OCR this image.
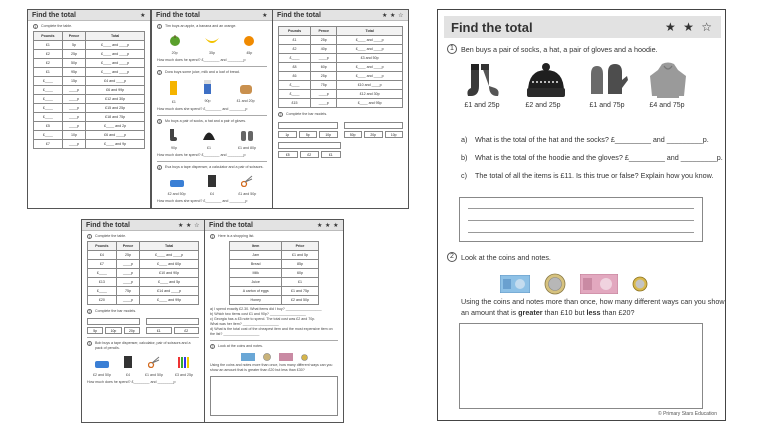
Find the total	★
1	Complete the table.
Pounds	Pence	Total
£1	5p	£____ and ____p
£2	25p	£____ and ____p
£2	50p	£____ and ____p
£1	95p	£____ and ____p
£____	15p	£4 and ____p
£____	____p	£6 and 99p
£____	____p	£12 and 30p
£____	____p	£15 and 25p
£____	____p	£18 and 75p
£5	____p	£____ and 2p
£____	10p	£6 and ____p
£7	____p	£____ and 9p
Find the total	★
1	Tim buys an apple, a banana and an orange.
20p	35p	45p
How much does he spend? £________ and ________p
2	Dora buys some juice, milk and a loaf of bread.
£1	90p	£1 and 20p
How much does she spend? £________ and ________p
3	Mo buys a pair of socks, a hat and a pair of gloves.
90p	£1	£1 and 80p
How much does he spend? £________ and ________p
4	Eva buys a tape dispenser, a calculator and a pair of scissors.
£2 and 50p	£4	£1 and 50p
How much does she spend? £________ and ________p
Find the total	★ ★ ☆
Pounds	Pence	Total
£1	25p	£____ and ____p
£2	40p	£____ and ____p
£____	____p	£3 and 50p
£8	60p	£____ and ____p
£6	25p	£____ and ____p
£____	75p	£10 and ____p
£____	____p	£12 and 30p
£15	____p	£____ and 95p
2	Complete the bar models.
1p	5p	10p	50p	20p	10p
£5	£2	£1
Find the total	★ ★ ☆
1	Complete the table.
Pounds	Pence	Total
£4	25p	£____ and ____p
£7	____p	£____ and 60p
£____	____p	£10 and 90p
£13	____p	£____ and 5p
£____	75p	£14 and ____p
£20	____p	£____ and 99p
2	Complete the bar models.
5p	10p	20p	£1	£2
3	Bob buys a tape dispenser, calculator, pair of scissors and a pack of pencils.
£2 and 50p	£4	£1 and 50p	£3 and 25p
How much does he spend? £________ and ________p
Find the total	★ ★ ★
1	Here is a shopping list.
Item	Price
Jam	£1 and 5p
Bread	85p
Milk	60p
Juice	£1
A carton of eggs	£1 and 75p
Honey	£2 and 50p
a) I spend exactly £2.30. What items did I buy? __________________
b) Which two items cost £1 and 90p? __________________
c) Georgia has a £5 note to spend. The total cost was £2 and 70p.
What was her item? __________________
d) What is the total cost of the cheapest item and the most expensive item on
the list? __________________
2	Look at the coins and notes.
Using the coins and notes more than once, how many different ways can you show an amount that is greater than £20 but less than £30?
Find the total	★ ★ ☆
1 Ben buys a pair of socks, a hat, a pair of gloves and a hoodie.
£1 and 25p	£2 and 25p	£1 and 75p	£4 and 75p
a) What is the total of the hat and the socks? £_________ and _________p.
b) What is the total of the hoodie and the gloves? £_________ and _________p.
c) The total of all the items is £11. Is this true or false? Explain how you know.
2 Look at the coins and notes.
Using the coins and notes more than once, how many different ways can you show
an amount that is greater than £10 but less than £20?
© Primary Stars Education
